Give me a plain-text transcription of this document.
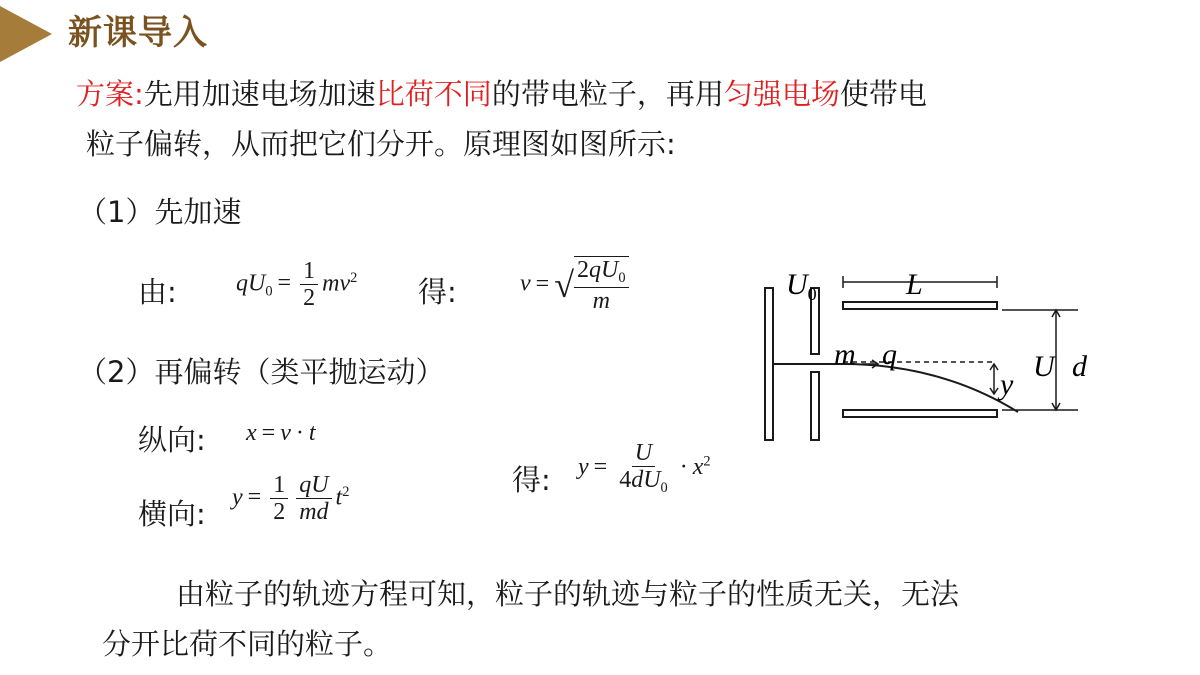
新课导入
方案:先用加速电场加速比荷不同的带电粒子，再用匀强电场使带电
粒子偏转，从而把它们分开。原理图如图所示:
（1）先加速
由: $qU_0 = \frac{1}{2} mv^2$ 得:	v = √ $\frac{2qU_0}{m}$
（2）再偏转（类平抛运动）
纵向: x = v · t
横向: $y = \frac{1}{2} \frac{qU}{md} t^2$	得: $y = \frac{U}{4dU_0} \cdot x^2$
$U_0$	L
m q
y
U d
由粒子的轨迹方程可知，粒子的轨迹与粒子的性质无关，无法
分开比荷不同的粒子。
